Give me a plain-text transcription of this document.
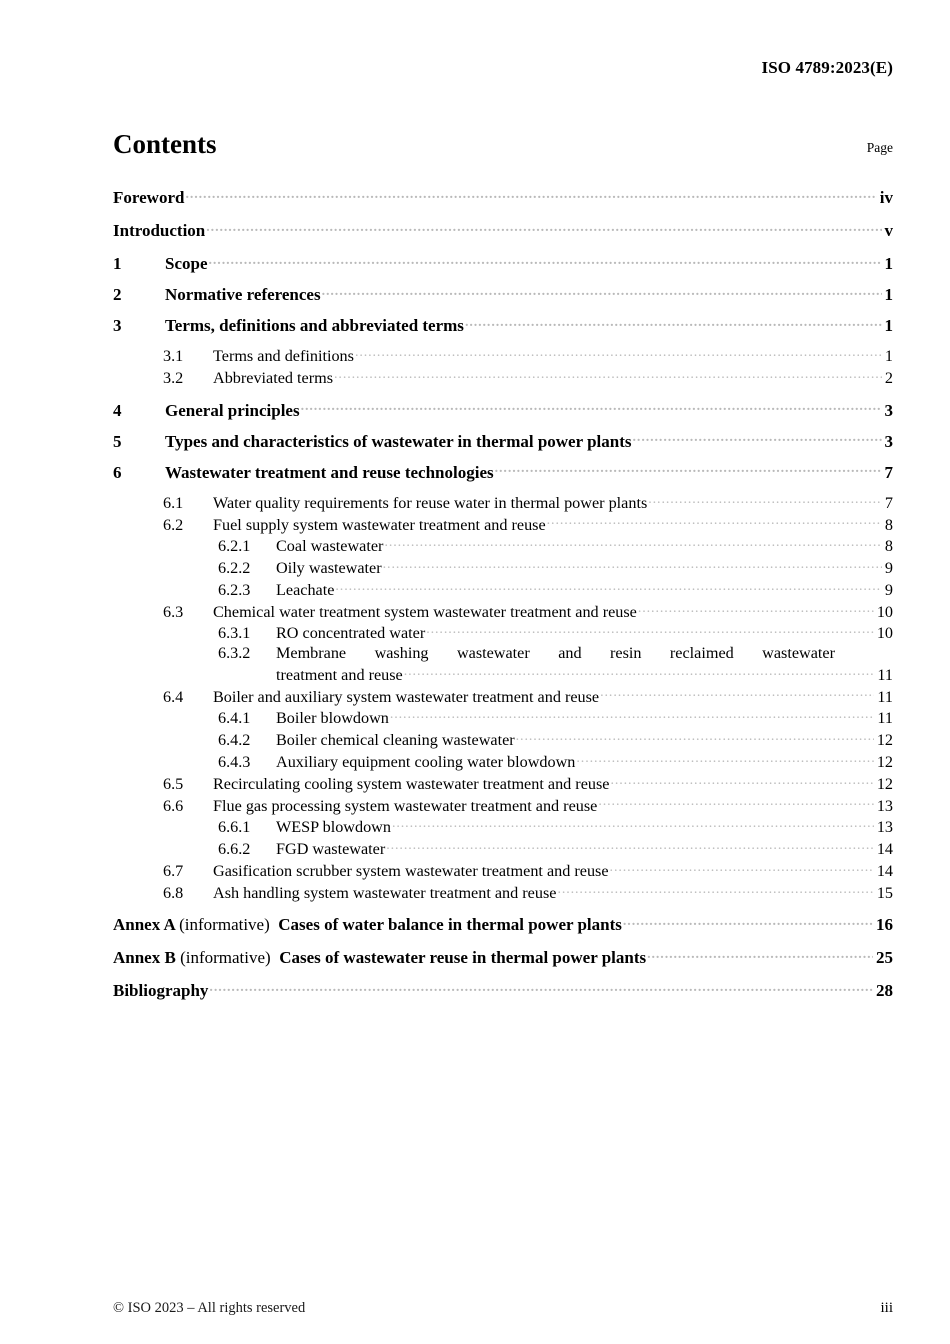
ISO 4789:2023(E)
Contents	Page
Foreword .....	iv
Introduction .....	v
1	Scope .....	1
2	Normative references .....	1
3	Terms, definitions and abbreviated terms .....	1
3.1	Terms and definitions .....	1
3.2	Abbreviated terms .....	2
4	General principles .....	3
5	Types and characteristics of wastewater in thermal power plants .....	3
6	Wastewater treatment and reuse technologies .....	7
6.1	Water quality requirements for reuse water in thermal power plants .....	7
6.2	Fuel supply system wastewater treatment and reuse .....	8
6.2.1	Coal wastewater .....	8
6.2.2	Oily wastewater .....	9
6.2.3	Leachate .....	9
6.3	Chemical water treatment system wastewater treatment and reuse .....	10
6.3.1	RO concentrated water .....	10
6.3.2	Membrane washing wastewater and resin reclaimed wastewater
treatment and reuse .....	11
6.4	Boiler and auxiliary system wastewater treatment and reuse .....	11
6.4.1	Boiler blowdown .....	11
6.4.2	Boiler chemical cleaning wastewater .....	12
6.4.3	Auxiliary equipment cooling water blowdown .....	12
6.5	Recirculating cooling system wastewater treatment and reuse .....	12
6.6	Flue gas processing system wastewater treatment and reuse .....	13
6.6.1	WESP blowdown .....	13
6.6.2	FGD wastewater .....	14
6.7	Gasification scrubber system wastewater treatment and reuse .....	14
6.8	Ash handling system wastewater treatment and reuse .....	15
Annex A (informative)  Cases of water balance in thermal power plants .....	16
Annex B (informative)  Cases of wastewater reuse in thermal power plants .....	25
Bibliography .....	28
© ISO 2023 – All rights reserved	iii
